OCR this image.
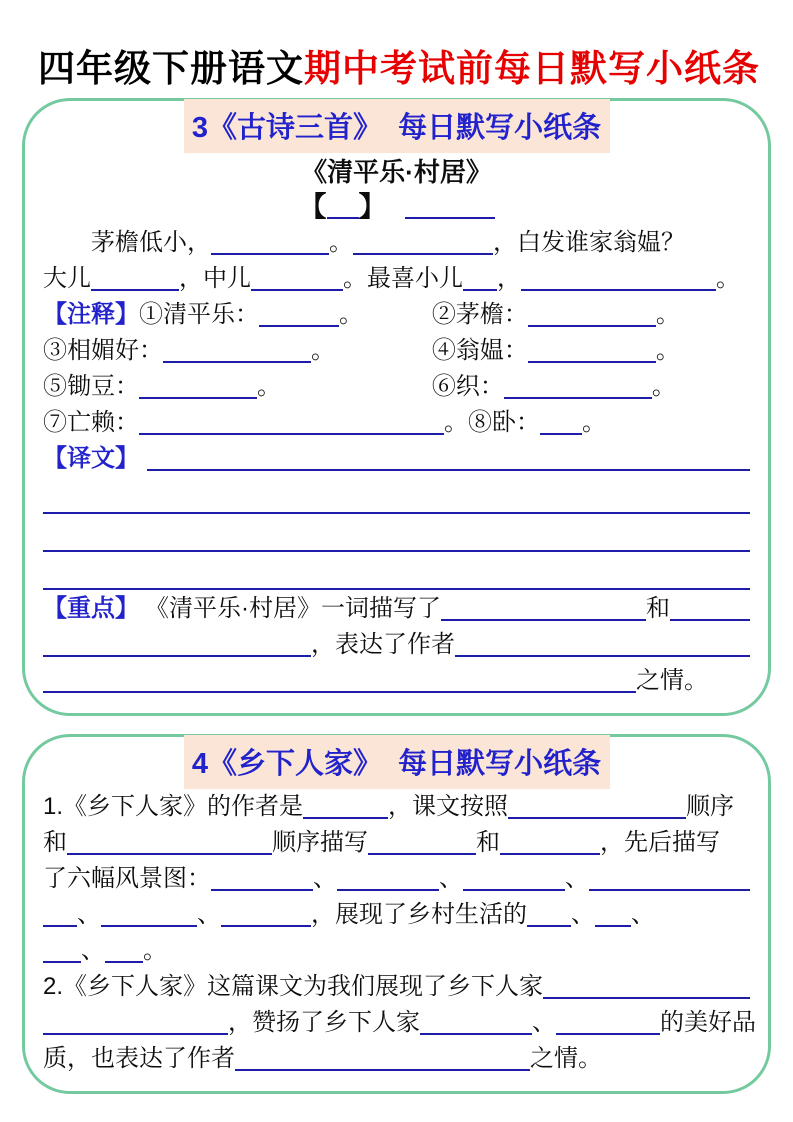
四年级下册语文期中考试前每日默写小纸条
3《古诗三首》  每日默写小纸条
《清平乐·村居》
【 】
茅檐低小，	。	，白发谁家翁媪？
大儿	，中儿	。最喜小儿 ，	。
【注释】 ①清平乐：	。	②茅檐：	。
③相媚好：	。	④翁媪：	。
⑤锄豆：	。	⑥织：	。
⑦亡赖：	。⑧卧： 。
【译文】
【重点】 《清平乐·村居》一词描写了	和
，表达了作者
之情。
4《乡下人家》  每日默写小纸条
1.《乡下人家》的作者是	，课文按照	顺序
和	顺序描写	和	，先后描写
了六幅风景图：	、	、	、
、	、	，展现了乡村生活的 、 、
、 。
2.《乡下人家》这篇课文为我们展现了乡下人家
，赞扬了乡下人家	、	的美好品
质，也表达了作者	之情。
